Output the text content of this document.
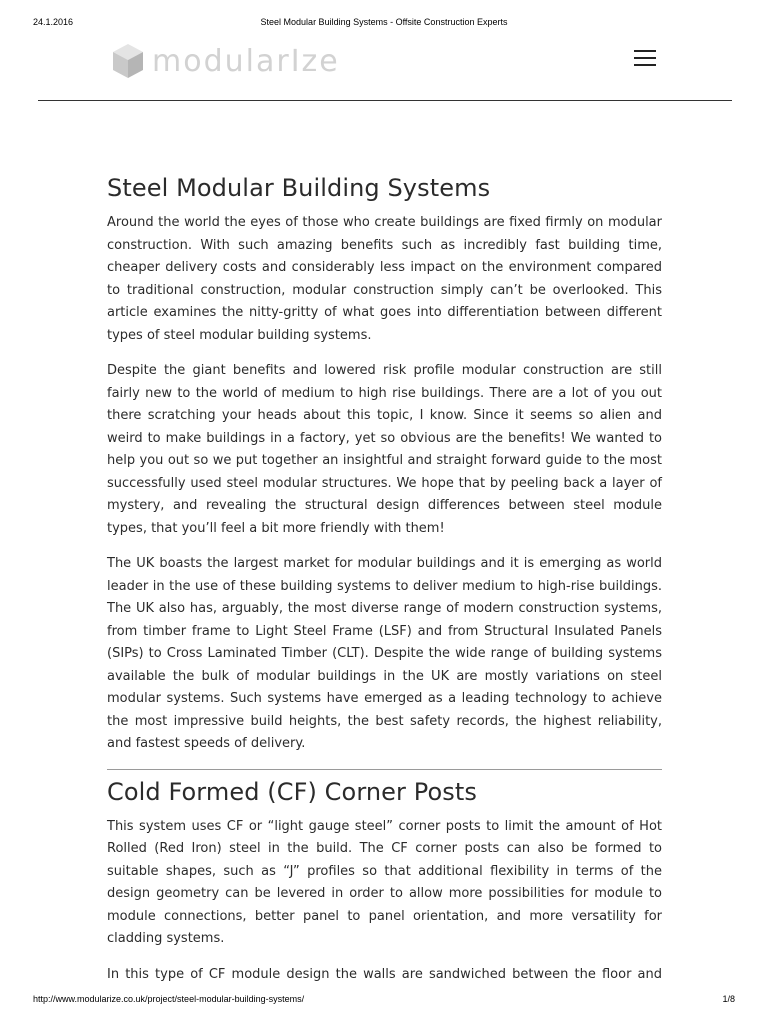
24.1.2016	Steel Modular Building Systems - Offsite Construction Experts
modularIze
Steel Modular Building Systems

Around the world the eyes of those who create buildings are fixed firmly on modular construction. With such amazing benefits such as incredibly fast building time, cheaper delivery costs and considerably less impact on the environment compared to traditional construction, modular construction simply can’t be overlooked. This article examines the nitty-gritty of what goes into differentiation between different types of steel modular building systems.

Despite the giant benefits and lowered risk profile modular construction are still fairly new to the world of medium to high rise buildings. There are a lot of you out there scratching your heads about this topic, I know. Since it seems so alien and weird to make buildings in a factory, yet so obvious are the benefits! We wanted to help you out so we put together an insightful and straight forward guide to the most successfully used steel modular structures. We hope that by peeling back a layer of mystery, and revealing the structural design differences between steel module types, that you’ll feel a bit more friendly with them!

The UK boasts the largest market for modular buildings and it is emerging as world leader in the use of these building systems to deliver medium to high-rise buildings. The UK also has, arguably, the most diverse range of modern construction systems, from timber frame to Light Steel Frame (LSF) and from Structural Insulated Panels (SIPs) to Cross Laminated Timber (CLT). Despite the wide range of building systems available the bulk of modular buildings in the UK are mostly variations on steel modular systems. Such systems have emerged as a leading technology to achieve the most impressive build heights, the best safety records, the highest reliability, and fastest speeds of delivery.

Cold Formed (CF) Corner Posts

This system uses CF or “light gauge steel” corner posts to limit the amount of Hot Rolled (Red Iron) steel in the build. The CF corner posts can also be formed to suitable shapes, such as “J” profiles so that additional flexibility in terms of the design geometry can be levered in order to allow more possibilities for module to module connections, better panel to panel orientation, and more versatility for cladding systems.

In this type of CF module design the walls are sandwiched between the floor and

http://www.modularize.co.uk/project/steel-modular-building-systems/	1/8
